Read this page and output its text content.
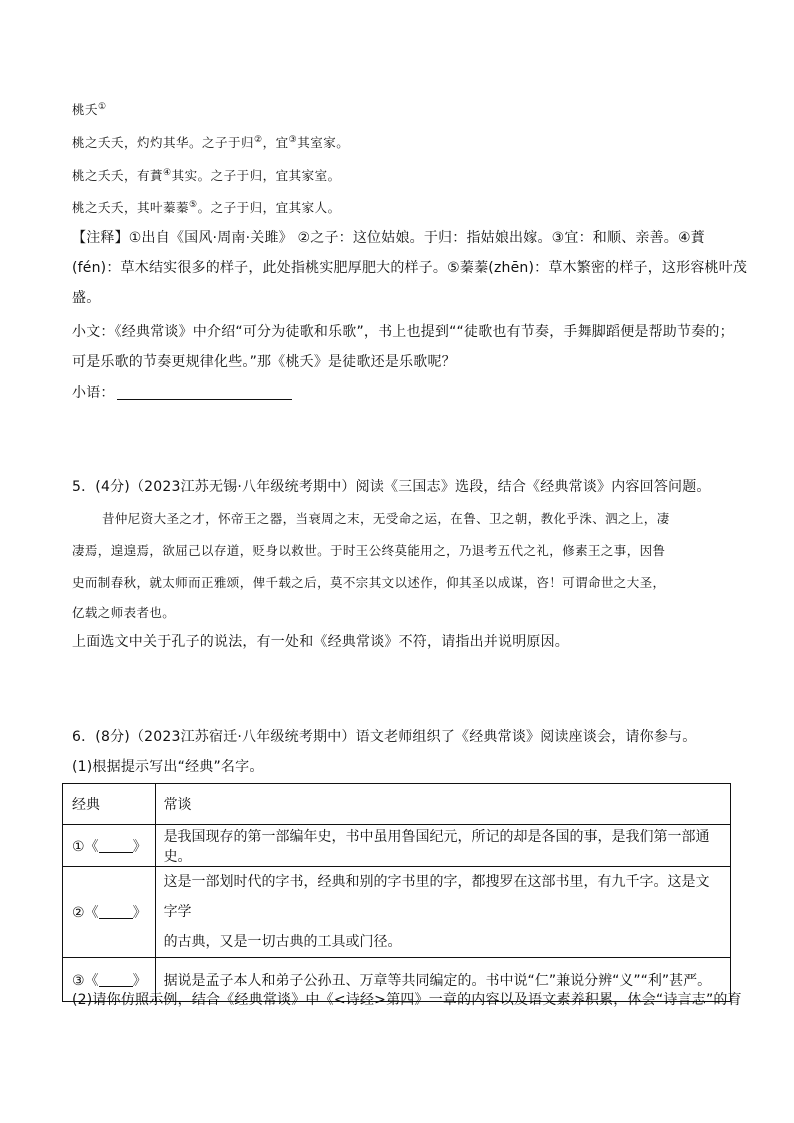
桃夭①
桃之夭夭，灼灼其华。之子于归②，宜③其室家。
桃之夭夭，有蕡④其实。之子于归，宜其家室。
桃之夭夭，其叶蓁蓁⑤。之子于归，宜其家人。
【注释】①出自《国风·周南·关雎》 ②之子：这位姑娘。于归：指姑娘出嫁。③宜：和顺、亲善。④蕡
(fén)：草木结实很多的样子，此处指桃实肥厚肥大的样子。⑤蓁蓁(zhēn)：草木繁密的样子，这形容桃叶茂
盛。
小文：《经典常谈》中介绍“可分为徒歌和乐歌”，书上也提到““徒歌也有节奏，手舞脚蹈便是帮助节奏的；
可是乐歌的节奏更规律化些。”那《桃夭》是徒歌还是乐歌呢？
小语：
5．(4分)（2023江苏无锡·八年级统考期中）阅读《三国志》选段，结合《经典常谈》内容回答问题。
昔仲尼资大圣之才，怀帝王之器，当衰周之末，无受命之运，在鲁、卫之朝，教化乎洙、泗之上，凄
凄焉，遑遑焉，欲屈己以存道，贬身以救世。于时王公终莫能用之，乃退考五代之礼，修素王之事，因鲁
史而制春秋，就太师而正雅颂，俾千载之后，莫不宗其文以述作，仰其圣以成谋，咨！可谓命世之大圣，
亿载之师表者也。
上面选文中关于孔子的说法，有一处和《经典常谈》不符，请指出并说明原因。
6．(8分)（2023江苏宿迁·八年级统考期中）语文老师组织了《经典常谈》阅读座谈会，请你参与。
(1)根据提示写出“经典”名字。
经典	常谈
①《 》	是我国现存的第一部编年史，书中虽用鲁国纪元，所记的却是各国的事，是我们第一部通史。
②《 》	这是一部划时代的字书，经典和别的字书里的字，都搜罗在这部书里，有九千字。这是文字学
的古典，又是一切古典的工具或门径。
③《 》	据说是孟子本人和弟子公孙丑、万章等共同编定的。书中说“仁”兼说分辨“义”“利”甚严。
(2)请你仿照示例，结合《经典常谈》中《<诗经>第四》一章的内容以及语文素养积累，体会“诗言志”的育
